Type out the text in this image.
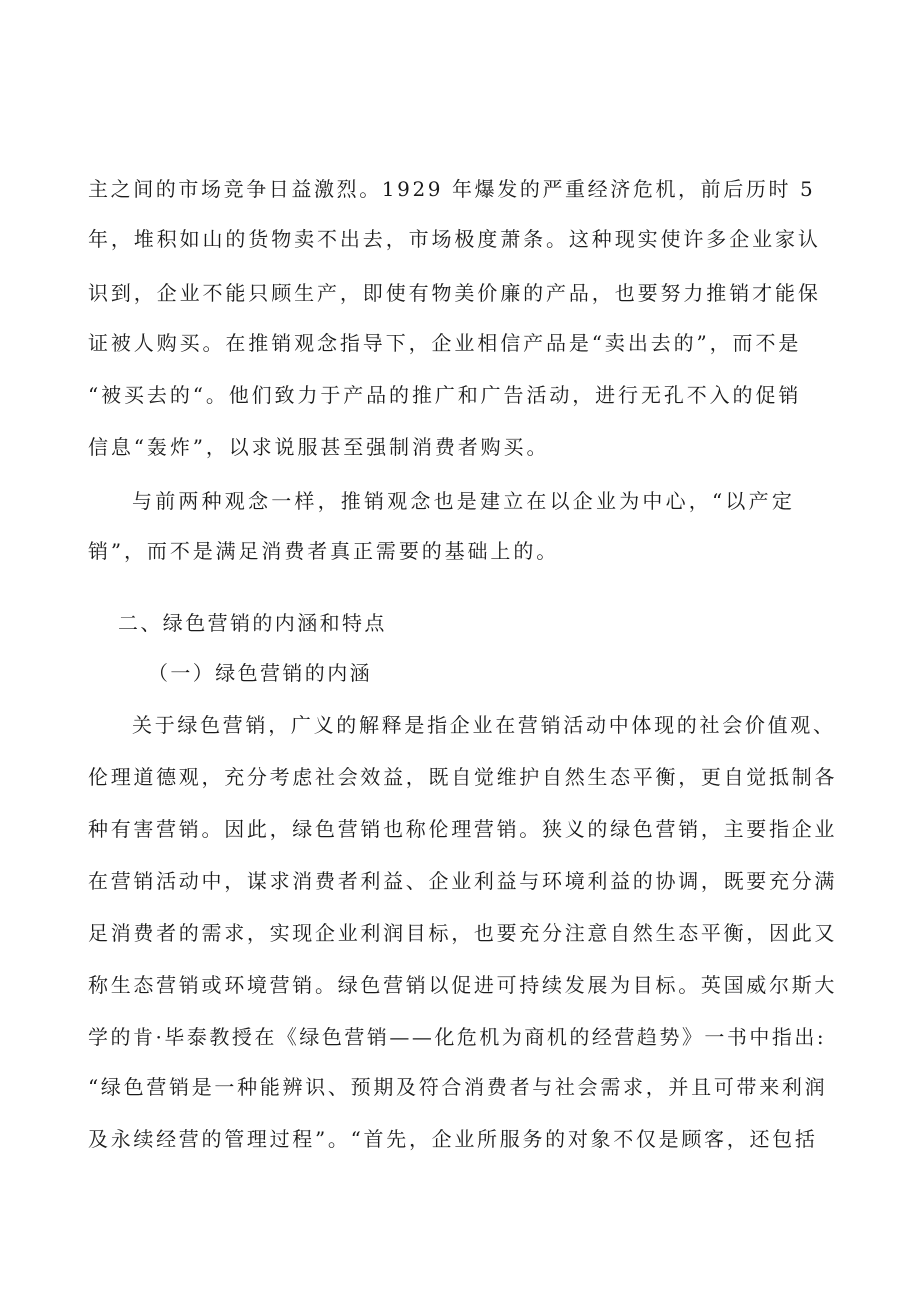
主之间的市场竞争日益激烈。1929 年爆发的严重经济危机，前后历时 5
年，堆积如山的货物卖不出去，市场极度萧条。这种现实使许多企业家认
识到，企业不能只顾生产，即使有物美价廉的产品，也要努力推销才能保
证被人购买。在推销观念指导下，企业相信产品是“卖出去的”，而不是
“被买去的“。他们致力于产品的推广和广告活动，进行无孔不入的促销
信息“轰炸”，以求说服甚至强制消费者购买。
与前两种观念一样，推销观念也是建立在以企业为中心，“以产定
销”，而不是满足消费者真正需要的基础上的。
二、绿色营销的内涵和特点
（一）绿色营销的内涵
关于绿色营销，广义的解释是指企业在营销活动中体现的社会价值观、
伦理道德观，充分考虑社会效益，既自觉维护自然生态平衡，更自觉抵制各
种有害营销。因此，绿色营销也称伦理营销。狭义的绿色营销，主要指企业
在营销活动中，谋求消费者利益、企业利益与环境利益的协调，既要充分满
足消费者的需求，实现企业利润目标，也要充分注意自然生态平衡，因此又
称生态营销或环境营销。绿色营销以促进可持续发展为目标。英国威尔斯大
学的肯·毕泰教授在《绿色营销——化危机为商机的经营趋势》一书中指出:
“绿色营销是一种能辨识、预期及符合消费者与社会需求，并且可带来利润
及永续经营的管理过程”。“首先，企业所服务的对象不仅是顾客，还包括
